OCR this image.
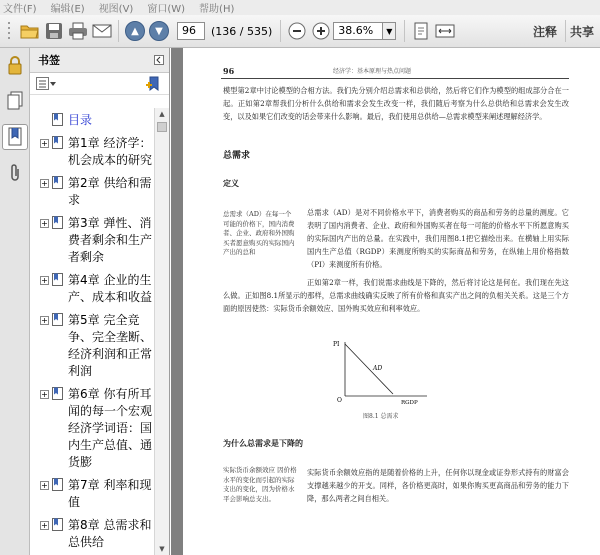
文件(F) 编辑(E) 视图(V) 窗口(W) 帮助(H)
▲	▼	96	(136 / 535)	38.6%	▼	注释 共享
书签
目录
+ 第1章 经济学：机会成本的研究
+ 第2章 供给和需求
+ 第3章 弹性、消费者剩余和生产者剩余
+ 第4章 企业的生产、成本和收益
+ 第5章 完全竞争、完全垄断、经济利润和正常利润
+ 第6章 你有所耳闻的每一个宏观经济学词语：国内生产总值、通货膨
+ 第7章 利率和现值
+ 第8章 总需求和总供给
▲
▼
96	经济学：基本原理与热点问题
模型第2章中讨论模型的合相方法。我们先分别介绍总需求和总供给，然后将它们作为模型的组成部分合在一起。正如第2章帮我们分析什么供给和需求会发生改变一样，我们随后考察为什么总供给和总需求会发生改变，以及如果它们改变的话会带来什么影响。最后，我们使用总供给—总需求模型来阐述理解经济学。
总需求
定义
总需求（AD）在每一个可能的价格下，国内消费者、企业、政府和外国购买者愿意购买的实际国内产出的总和
总需求（AD）是对不同价格水平下，消费者购买的商品和劳务的总量的测度。它表明了国内消费者、企业、政府和外国购买者在每一可能的价格水平下所愿意购买的实际国内产出的总量。在实践中，我们用图8.1把它描绘出来。在横轴上用实际国内生产总值（RGDP）来测度所购买的实际商品和劳务，在纵轴上用价格指数（PI）来测度所有价格。
正如第2章一样，我们说需求曲线是下降的，然后将讨论这是何在。我们现在先这么做。正如图8.1所显示的那样，总需求曲线确实反映了所有价格和真实产出之间的负相关关系。这是三个方面的原因使然：实际货币余额效应、国外购买效应和利率效应。
PI
AD
O	RGDP
图8.1 总需求
为什么总需求是下降的
实际货币余额效应 因价格水平的变化而引起的实际支出的变化，因为价格水平会影响总支出。
实际货币余额效应指的是随着价格的上升，任何你以现金或证券形式持有的财富会支撑越来越少的开支。同样，各价格更高时，如果你购买更高商品和劳务的能力下降，那么两者之间自相关。
